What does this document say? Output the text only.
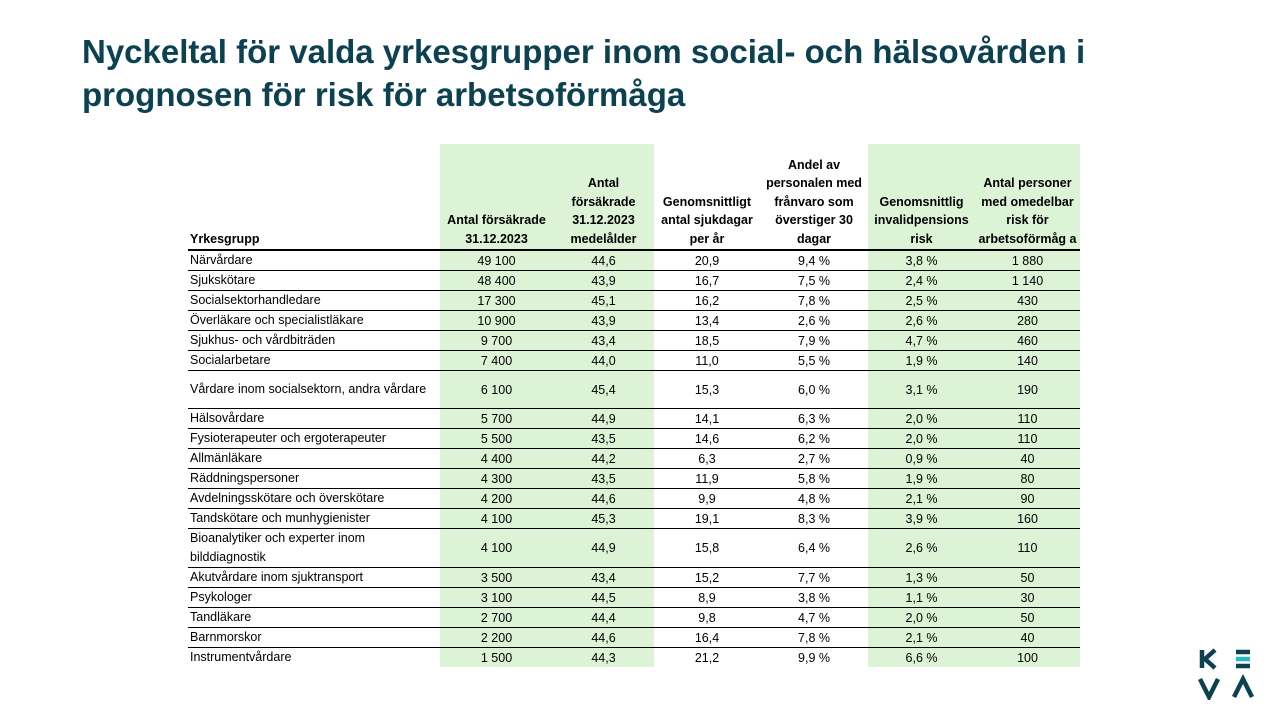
Nyckeltal för valda yrkesgrupper inom social- och hälsovården i prognosen för risk för arbetsoförmåga
Yrkesgrupp	Antal försäkrade 31.12.2023	Antal försäkrade 31.12.2023 medelålder	Genomsnittligt antal sjukdagar per år	Andel av personalen med frånvaro som överstiger 30 dagar	Genomsnittlig invalidpensions risk	Antal personer med omedelbar risk för arbetsoförmåg a
Närvårdare	49 100	44,6	20,9	9,4 %	3,8 %	1 880
Sjukskötare	48 400	43,9	16,7	7,5 %	2,4 %	1 140
Socialsektorhandledare	17 300	45,1	16,2	7,8 %	2,5 %	430
Överläkare och specialistläkare	10 900	43,9	13,4	2,6 %	2,6 %	280
Sjukhus- och vårdbiträden	9 700	43,4	18,5	7,9 %	4,7 %	460
Socialarbetare	7 400	44,0	11,0	5,5 %	1,9 %	140
Vårdare inom socialsektorn, andra vårdare	6 100	45,4	15,3	6,0 %	3,1 %	190
Hälsovårdare	5 700	44,9	14,1	6,3 %	2,0 %	110
Fysioterapeuter och ergoterapeuter	5 500	43,5	14,6	6,2 %	2,0 %	110
Allmänläkare	4 400	44,2	6,3	2,7 %	0,9 %	40
Räddningspersoner	4 300	43,5	11,9	5,8 %	1,9 %	80
Avdelningsskötare och överskötare	4 200	44,6	9,9	4,8 %	2,1 %	90
Tandskötare och munhygienister	4 100	45,3	19,1	8,3 %	3,9 %	160
Bioanalytiker och experter inom bilddiagnostik	4 100	44,9	15,8	6,4 %	2,6 %	110
Akutvårdare inom sjuktransport	3 500	43,4	15,2	7,7 %	1,3 %	50
Psykologer	3 100	44,5	8,9	3,8 %	1,1 %	30
Tandläkare	2 700	44,4	9,8	4,7 %	2,0 %	50
Barnmorskor	2 200	44,6	16,4	7,8 %	2,1 %	40
Instrumentvårdare	1 500	44,3	21,2	9,9 %	6,6 %	100
